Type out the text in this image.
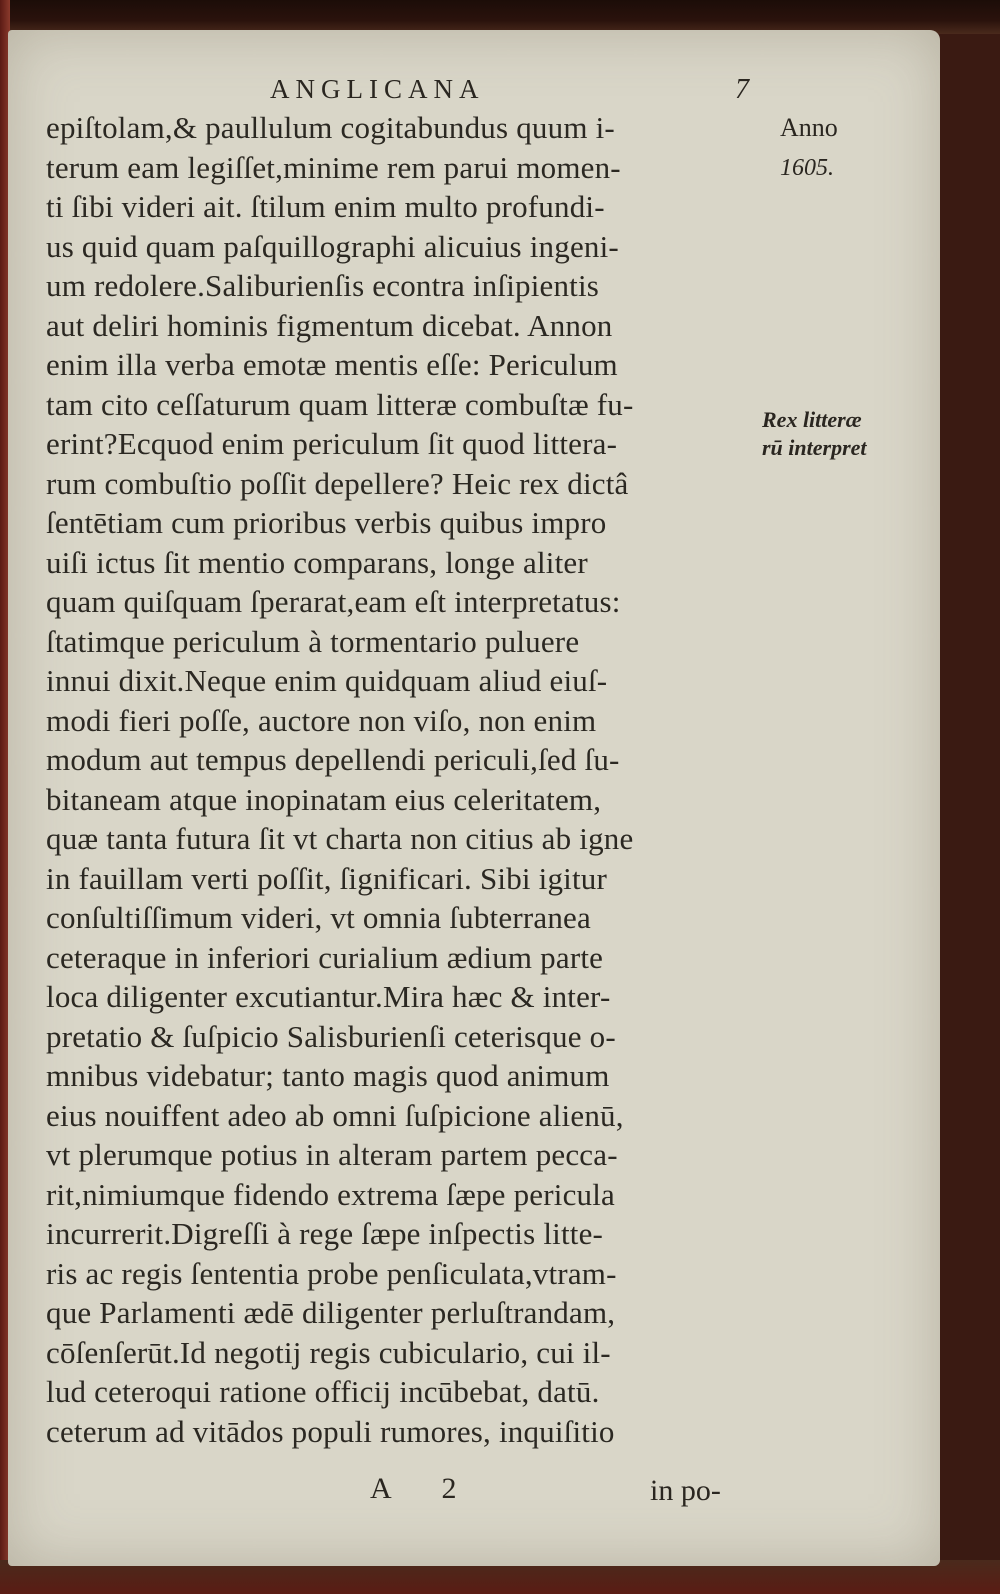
ANGLICANA	7
Anno
1605.
Rex litteræ
rū interpret
epiſtolam,& paullulum cogitabundus quum i-
terum eam legiſſet,minime rem parui momen-
ti ſibi videri ait. ſtilum enim multo profundi-
us quid quam paſquillographi alicuius ingeni-
um redolere.Saliburienſis econtra inſipientis
aut deliri hominis figmentum dicebat. Annon
enim illa verba emotæ mentis eſſe: Periculum
tam cito ceſſaturum quam litteræ combuſtæ fu-
erint?Ecquod enim periculum ſit quod littera-
rum combuſtio poſſit depellere? Heic rex dictâ
ſentētiam cum prioribus verbis quibus impro
uiſi ictus ſit mentio comparans, longe aliter
quam quiſquam ſperarat,eam eſt interpretatus:
ſtatimque periculum à tormentario puluere
innui dixit.Neque enim quidquam aliud eiuſ-
modi fieri poſſe, auctore non viſo, non enim
modum aut tempus depellendi periculi,ſed ſu-
bitaneam atque inopinatam eius celeritatem,
quæ tanta futura ſit vt charta non citius ab igne
in fauillam verti poſſit, ſignificari. Sibi igitur
conſultiſſimum videri, vt omnia ſubterranea
ceteraque in inferiori curialium ædium parte
loca diligenter excutiantur.Mira hæc & inter-
pretatio & ſuſpicio Salisburienſi ceterisque o-
mnibus videbatur; tanto magis quod animum
eius nouiffent adeo ab omni ſuſpicione alienū,
vt plerumque potius in alteram partem pecca-
rit,nimiumque fidendo extrema ſæpe pericula
incurrerit.Digreſſi à rege ſæpe inſpectis litte-
ris ac regis ſententia probe penſiculata,vtram-
que Parlamenti ædē diligenter perluſtrandam,
cōſenſerūt.Id negotij regis cubiculario, cui il-
lud ceteroqui ratione officij incūbebat, datū.
ceterum ad vitādos populi rumores, inquiſitio
A 2	in po-
